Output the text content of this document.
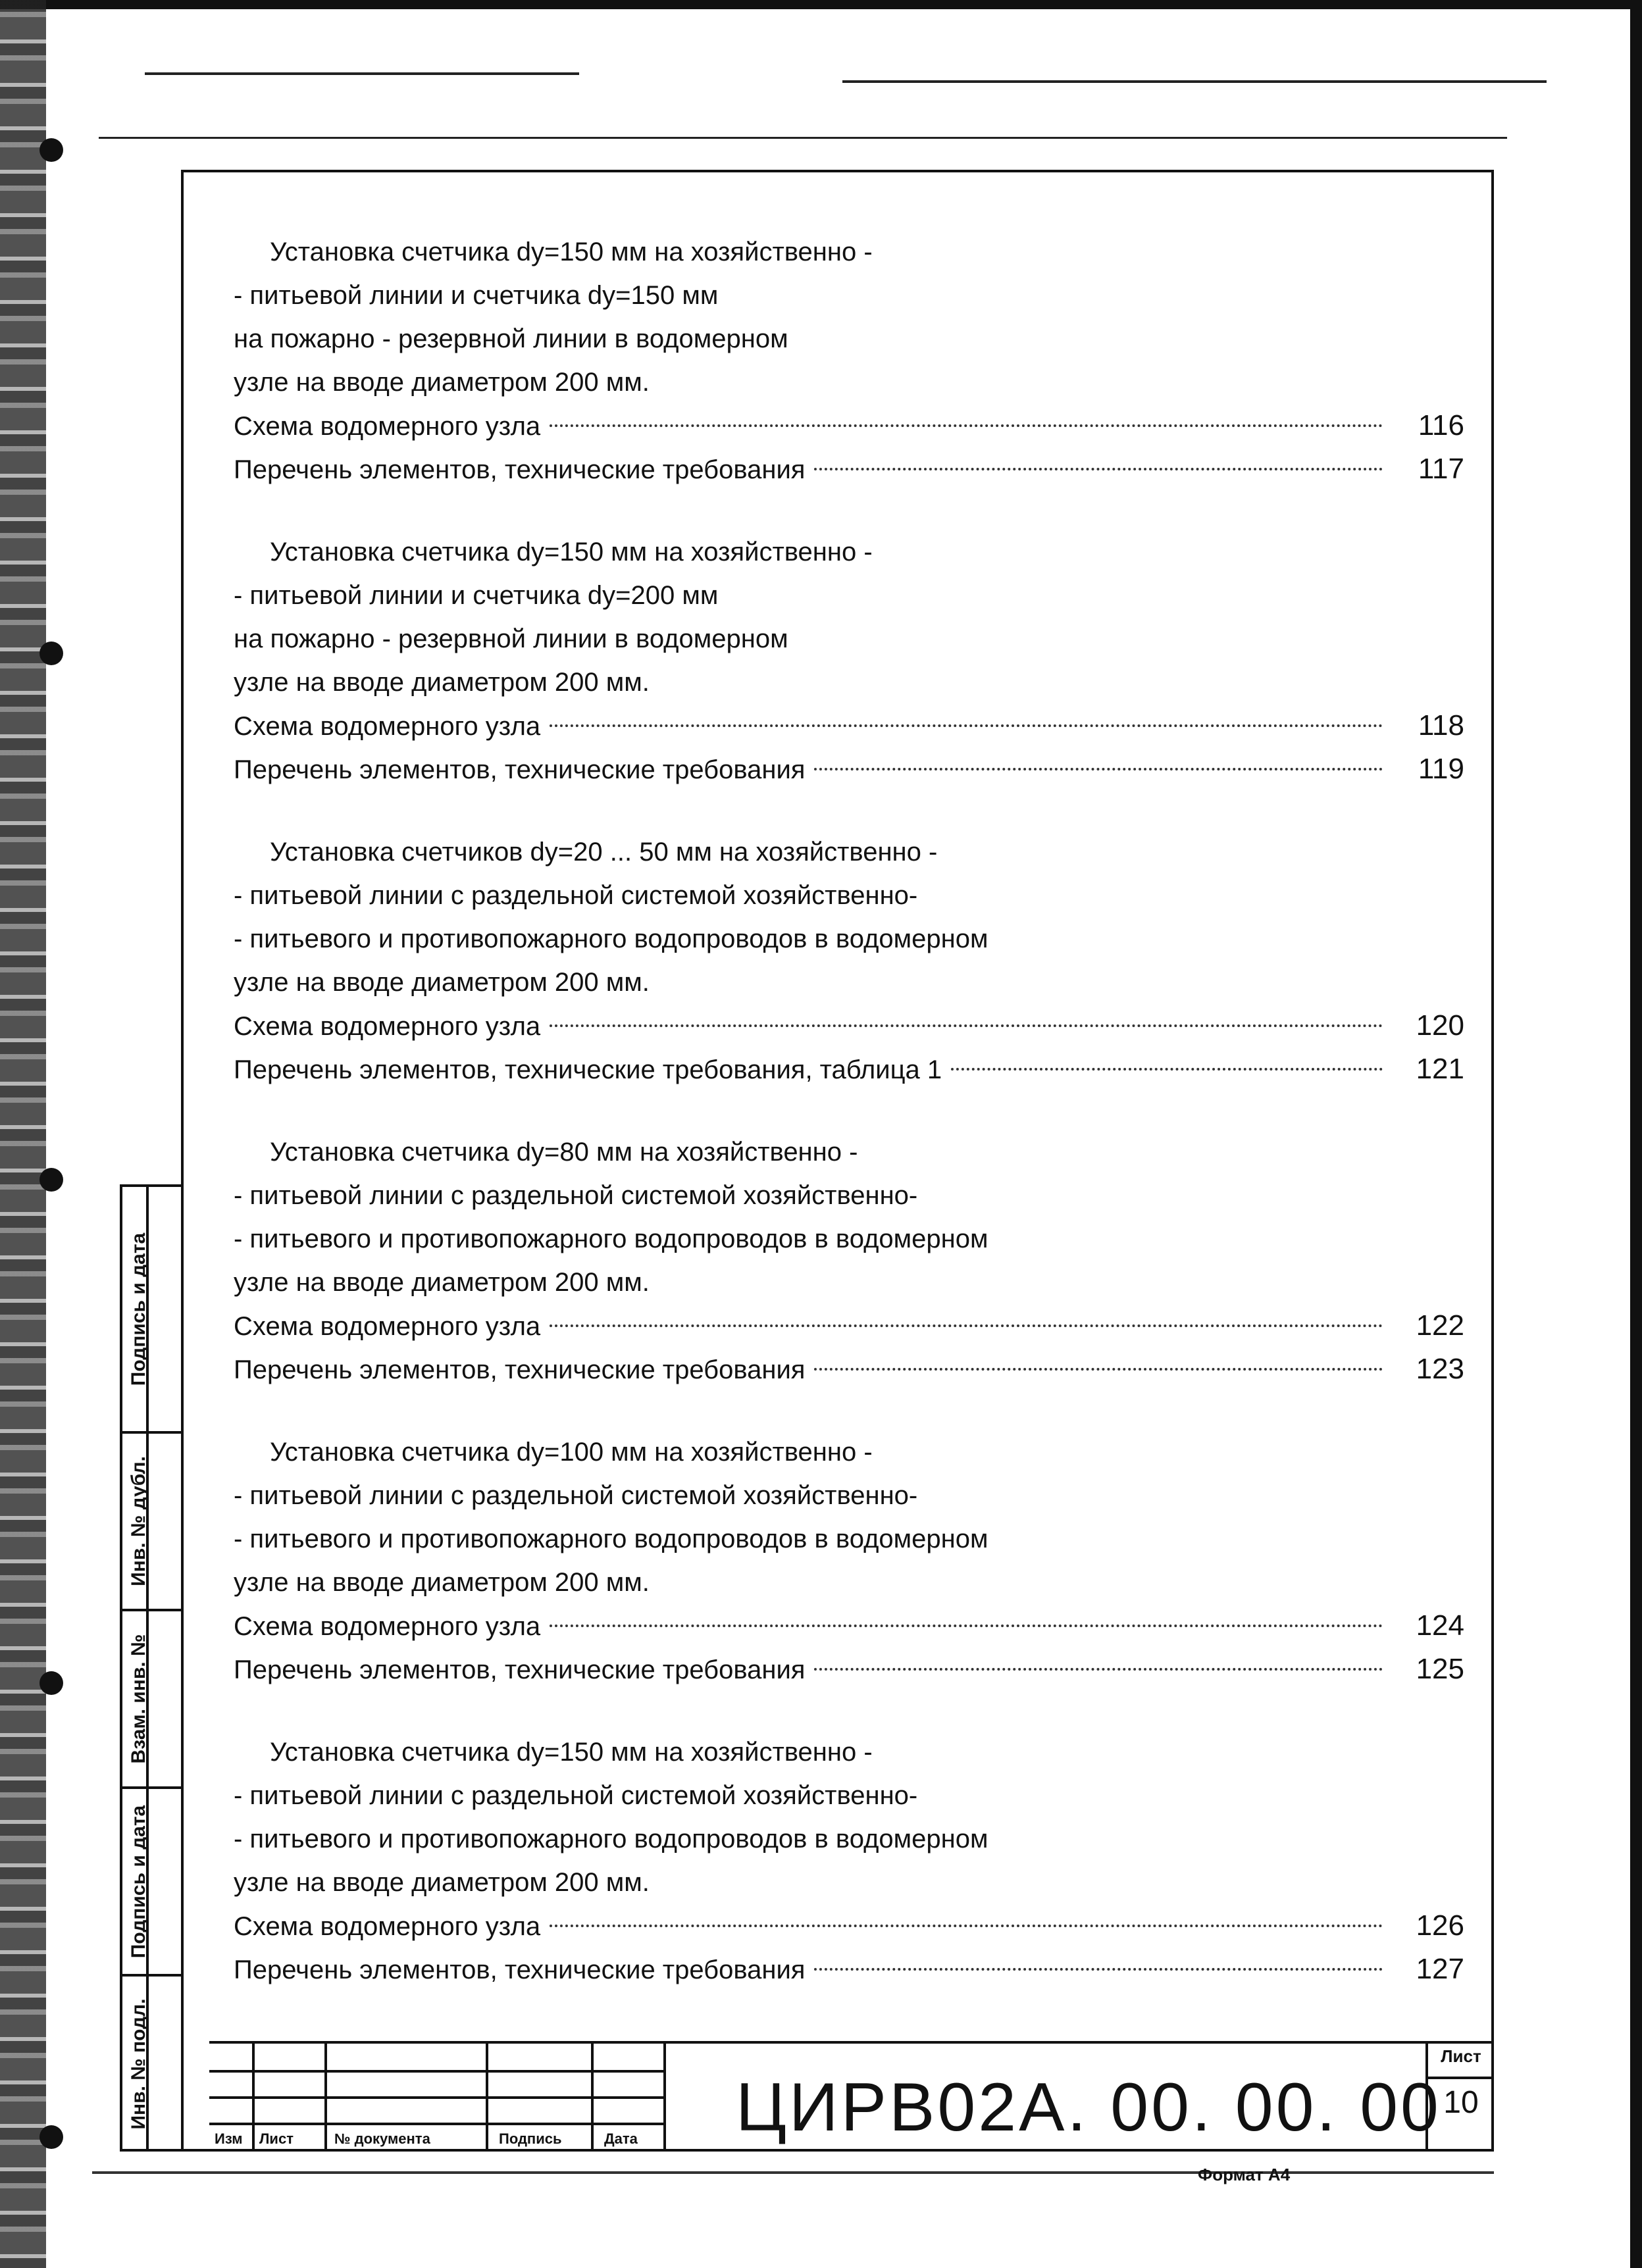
Подпись и дата
Инв. № дубл.
Взам. инв. №
Подпись и дата
Инв. № подл.
Установка счетчика dy=150 мм на хозяйственно -
- питьевой линии и счетчика dy=150 мм
на пожарно - резервной линии в водомерном
узле на вводе диаметром 200 мм.
Схема водомерного узла	116
Перечень элементов, технические требования	117
Установка счетчика dy=150 мм на хозяйственно -
- питьевой линии и счетчика dy=200 мм
на пожарно - резервной линии в водомерном
узле на вводе диаметром 200 мм.
Схема водомерного узла	118
Перечень элементов, технические требования	119
Установка счетчиков dy=20 ... 50 мм на хозяйственно -
- питьевой линии с раздельной системой хозяйственно-
- питьевого и противопожарного водопроводов в водомерном
узле на вводе диаметром 200 мм.
Схема водомерного узла	120
Перечень элементов, технические требования, таблица 1	121
Установка счетчика dy=80 мм на хозяйственно -
- питьевой линии с раздельной системой хозяйственно-
- питьевого и противопожарного водопроводов в водомерном
узле на вводе диаметром 200 мм.
Схема водомерного узла	122
Перечень элементов, технические требования	123
Установка счетчика dy=100 мм на хозяйственно -
- питьевой линии с раздельной системой хозяйственно-
- питьевого и противопожарного водопроводов в водомерном
узле на вводе диаметром 200 мм.
Схема водомерного узла	124
Перечень элементов, технические требования	125
Установка счетчика dy=150 мм на хозяйственно -
- питьевой линии с раздельной системой хозяйственно-
- питьевого и противопожарного водопроводов в водомерном
узле на вводе диаметром 200 мм.
Схема водомерного узла	126
Перечень элементов, технические требования	127
Изм Лист	№ документа	Подпись	Дата ЦИРВ02А. 00. 00. 00
Лист
10
Формат А4
